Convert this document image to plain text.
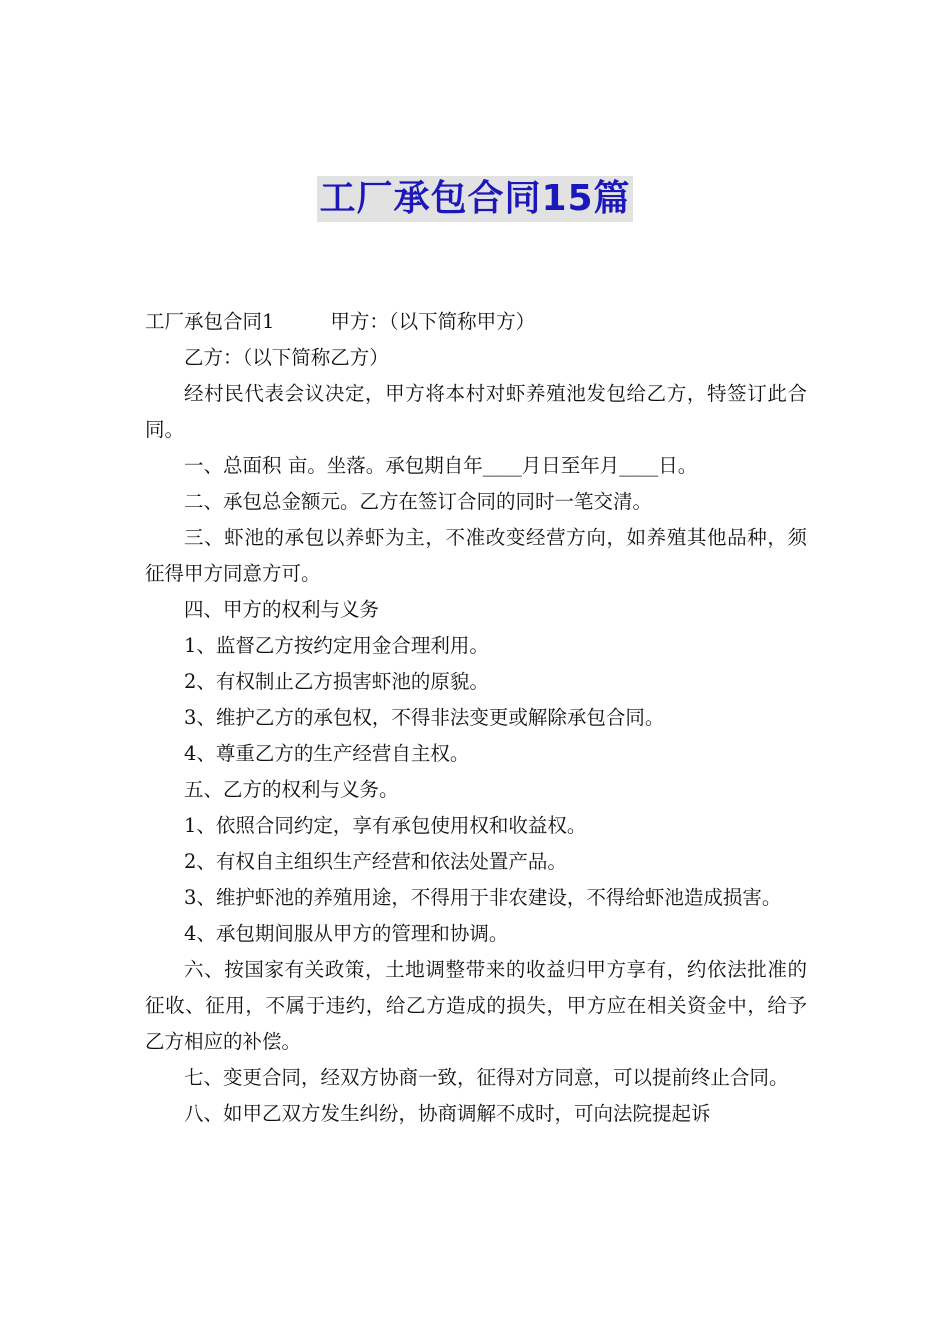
工厂承包合同15篇

工厂承包合同1	甲方：（以下简称甲方）

乙方：（以下简称乙方）

经村民代表会议决定，甲方将本村对虾养殖池发包给乙方，特签订此合同。

一、总面积 亩。坐落。承包期自年____月日至年月____日。

二、承包总金额元。乙方在签订合同的同时一笔交清。

三、虾池的承包以养虾为主，不准改变经营方向，如养殖其他品种，须征得甲方同意方可。

四、甲方的权利与义务

1、监督乙方按约定用金合理利用。

2、有权制止乙方损害虾池的原貌。

3、维护乙方的承包权，不得非法变更或解除承包合同。

4、尊重乙方的生产经营自主权。

五、乙方的权利与义务。

1、依照合同约定，享有承包使用权和收益权。

2、有权自主组织生产经营和依法处置产品。

3、维护虾池的养殖用途，不得用于非农建设，不得给虾池造成损害。

4、承包期间服从甲方的管理和协调。

六、按国家有关政策，土地调整带来的收益归甲方享有，约依法批准的征收、征用，不属于违约，给乙方造成的损失，甲方应在相关资金中，给予乙方相应的补偿。

七、变更合同，经双方协商一致，征得对方同意，可以提前终止合同。

八、如甲乙双方发生纠纷，协商调解不成时，可向法院提起诉
